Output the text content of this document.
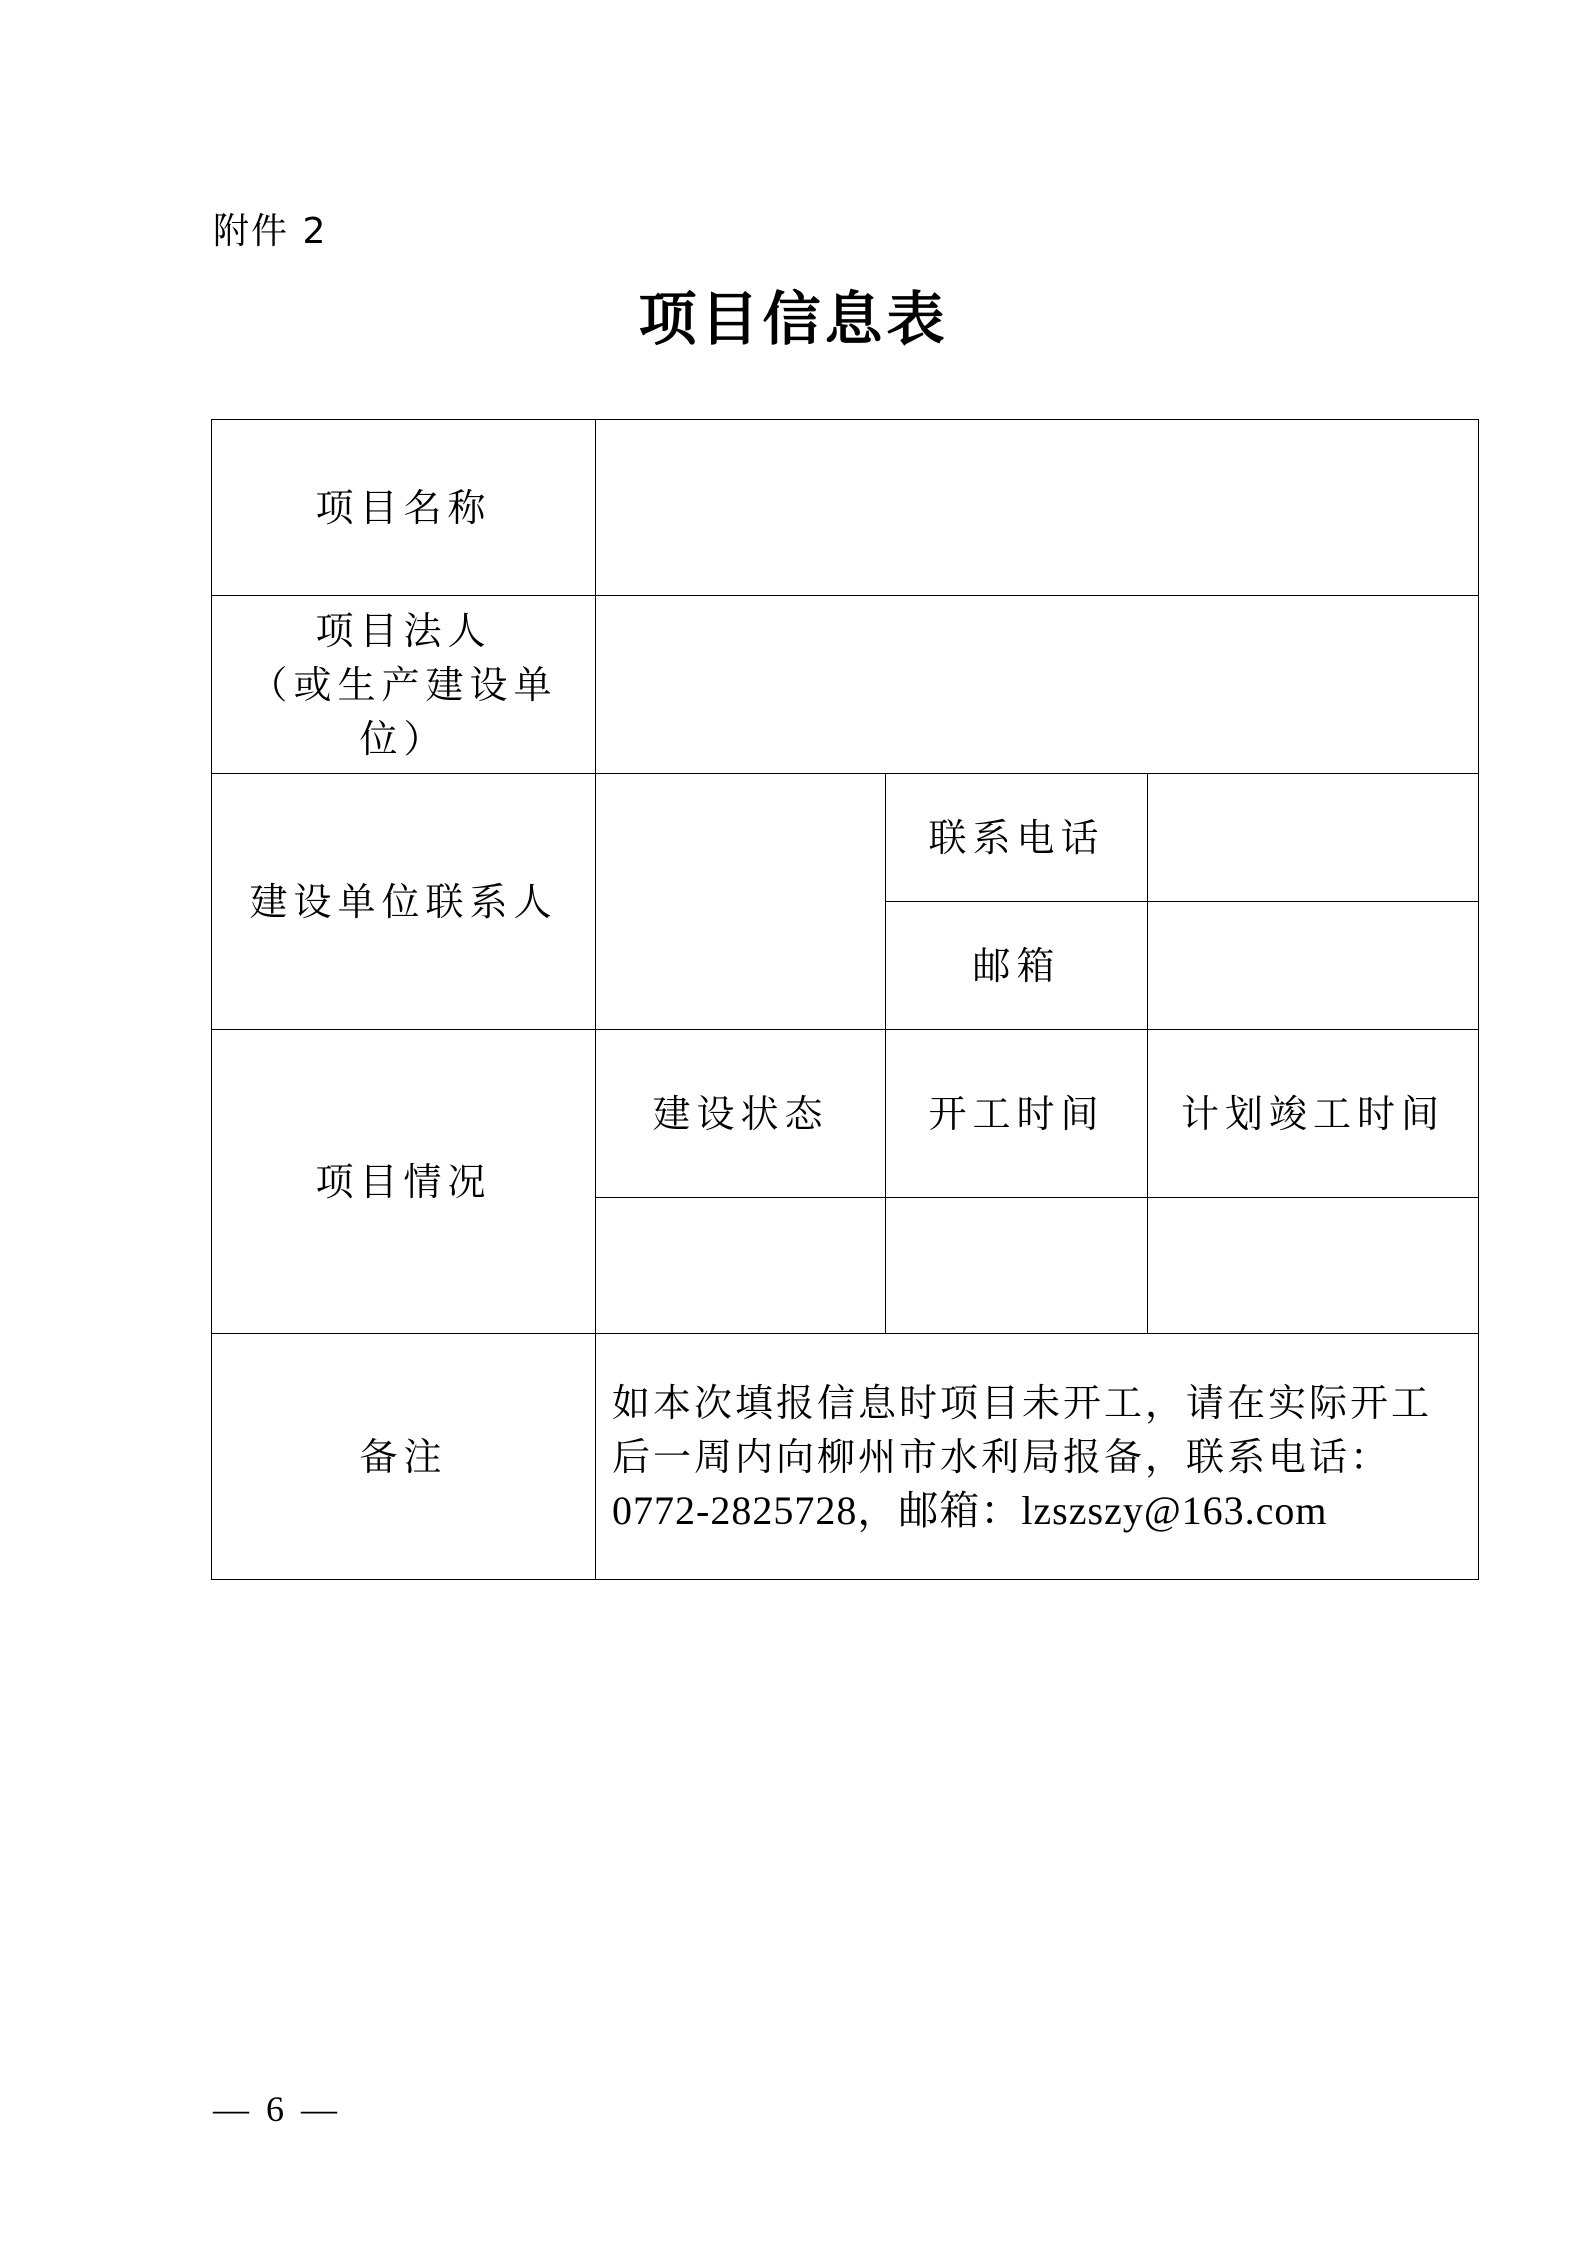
附件 2
项目信息表
项目名称			

项目法人
（或生产建设单
位）			

建设单位联系人		联系电话	
		邮箱	
项目情况	建设状态	开工时间	计划竣工时间

备注	如本次填报信息时项目未开工，请在实际开工
后一周内向柳州市水利局报备，联系电话：
0772-2825728，邮箱：lzszszy@163.com		
— 6 —
